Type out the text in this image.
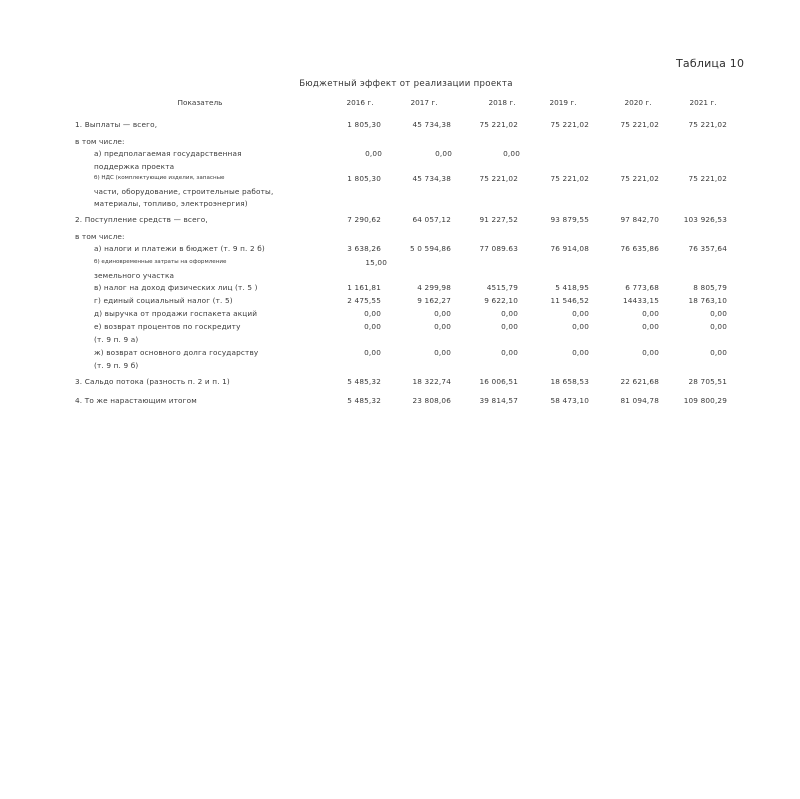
Таблица 10
Бюджетный эффект от реализации проекта
Показатель	2016 г.	2017 г.	2018 г.	2019 г.	2020 г.	2021 г.
1. Выплаты — всего,	1 805,30	45 734,38	75 221,02	75 221,02	75 221,02	75 221,02
в том числе:
а) предполагаемая государственная
поддержка проекта
0,00	0,00	0,00
б) НДС (комплектующие изделия, запасные
части, оборудование, строительные работы,
материалы, топливо, электроэнергия)
1 805,30	45 734,38	75 221,02	75 221,02	75 221,02	75 221,02
2. Поступление средств — всего,	7 290,62	64 057,12	91 227,52	93 879,55	97 842,70	103 926,53
в том числе:
а) налоги и платежи в бюджет (т. 9 п. 2 б)	3 638,26	5 0 594,86	77 089.63	76 914,08	76 635,86	76 357,64
б) единовременные затраты на оформление
земельного участка
15,00
в) налог на доход физических лиц (т. 5 )	1 161,81	4 299,98	4515,79	5 418,95	6 773,68	8 805,79
г) единый социальный налог (т. 5)	2 475,55	9 162,27	9 622,10	11 546,52	14433,15	18 763,10
д) выручка от продажи госпакета акций	0,00	0,00	0,00	0,00	0,00	0,00
е) возврат процентов по госкредиту
(т. 9 п. 9 а)
0,00	0,00	0,00	0,00	0,00	0,00
ж) возврат основного долга государству
(т. 9 п. 9 б)
0,00	0,00	0,00	0,00	0,00	0,00
3. Сальдо потока (разность п. 2 и п. 1)	5 485,32	18 322,74	16 006,51	18 658,53	22 621,68	28 705,51
4. То же нарастающим итогом	5 485,32	23 808,06	39 814,57	58 473,10	81 094,78	109 800,29
